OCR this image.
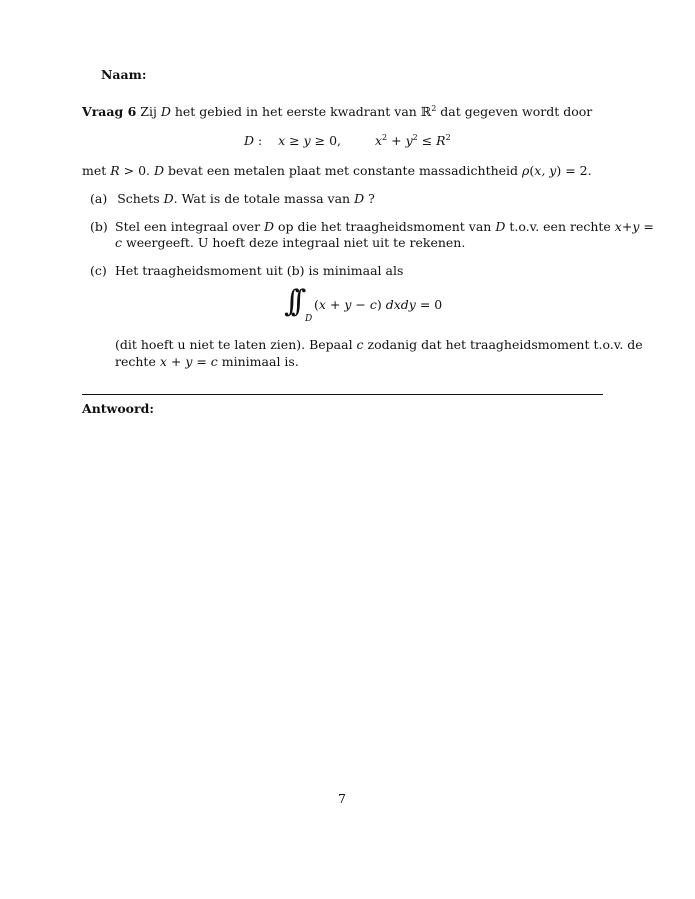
Naam:
Vraag 6 Zij D het gebied in het eerste kwadrant van ℝ$^2$ dat gegeven wordt door
D :    x ≥ y ≥ 0,  $x^2 + y^2 \le R^2$
met R > 0. D bevat een metalen plaat met constante massadichtheid ρ(x, y) = 2.
(a) Schets D. Wat is de totale massa van D ?
(b) Stel een integraal over D op die het traagheidsmoment van D t.o.v. een rechte x+y =
c weergeeft. U hoeft deze integraal niet uit te rekenen.
(c) Het traagheidsmoment uit (b) is minimaal als
∫∫ D
(x + y − c) dxdy = 0
(dit hoeft u niet te laten zien). Bepaal c zodanig dat het traagheidsmoment t.o.v. de
rechte x + y = c minimaal is.
Antwoord:
7
